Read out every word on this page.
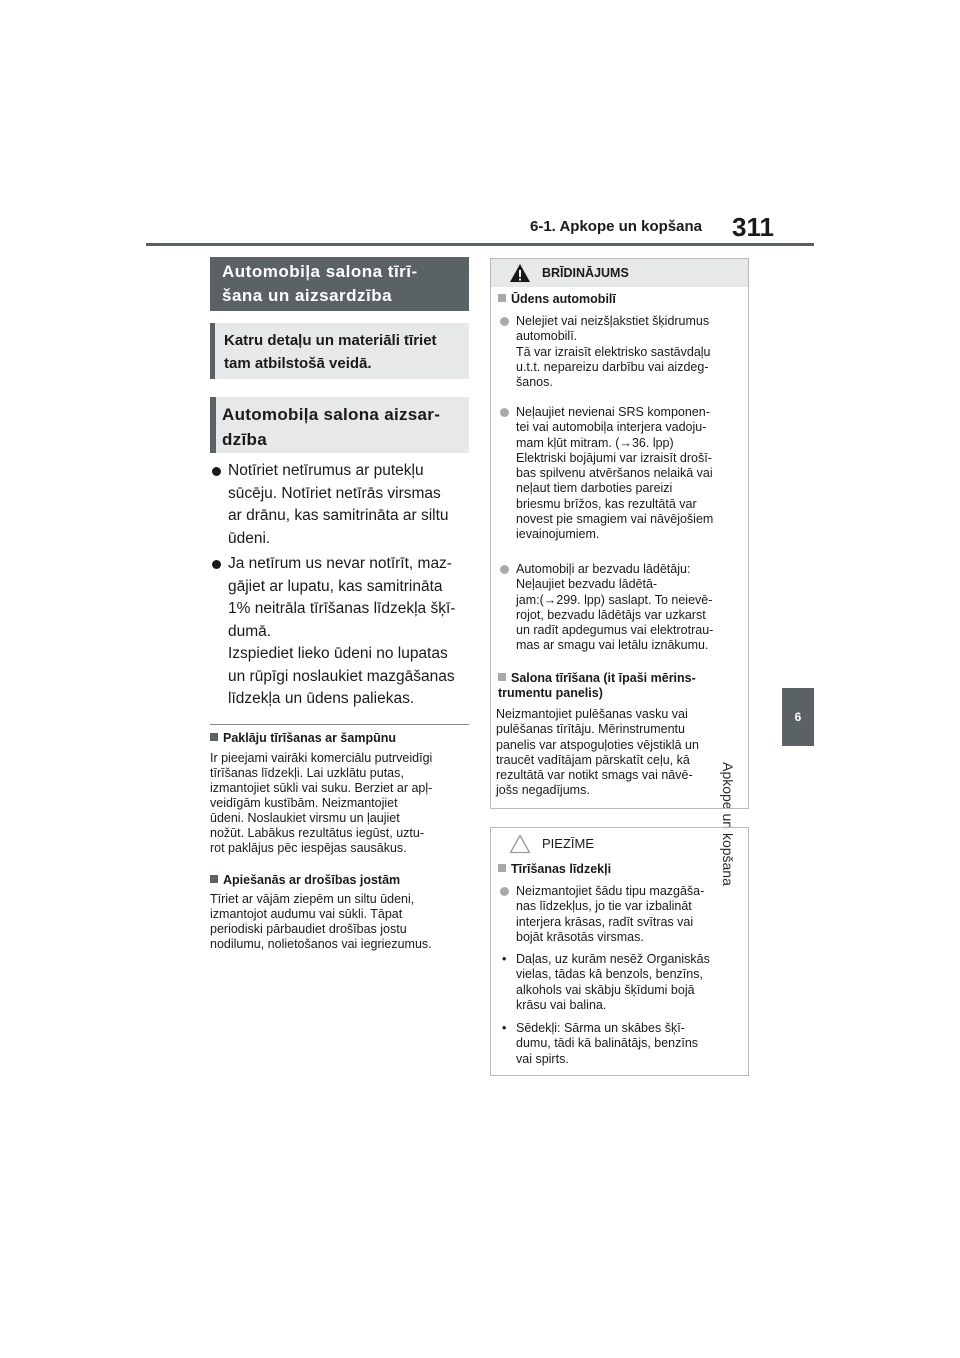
6-1. Apkope un kopšana 311
6
Apkope un kopšana
Automobiļa salona tīrī-
šana un aizsardzība
Katru detaļu un materiāli tīriet
tam atbilstošā veidā.
Automobiļa salona aizsar-
dzība
Notīriet netīrumus ar putekļu
sūcēju. Notīriet netīrās virsmas
ar drānu, kas samitrināta ar siltu
ūdeni.
Ja netīrum us nevar notīrīt, maz-
gājiet ar lupatu, kas samitrināta
1% neitrāla tīrīšanas līdzekļa šķī-
dumā.
Izspiediet lieko ūdeni no lupatas
un rūpīgi noslaukiet mazgāšanas
līdzekļa un ūdens paliekas.
Paklāju tīrīšanas ar šampūnu
Ir pieejami vairāki komerciālu putrveidīgi
tīrīšanas līdzekļi. Lai uzklātu putas,
izmantojiet sūkli vai suku. Berziet ar apļ-
veidīgām kustībām. Neizmantojiet
ūdeni. Noslaukiet virsmu un ļaujiet
nožūt. Labākus rezultātus iegūst, uztu-
rot paklājus pēc iespējas sausākus.
Apiešanās ar drošības jostām
Tīriet ar vājām ziepēm un siltu ūdeni,
izmantojot audumu vai sūkli. Tāpat
periodiski pārbaudiet drošības jostu
nodilumu, nolietošanos vai iegriezumus.
BRĪDINĀJUMS
Ūdens automobilī
Nelejiet vai neizšļakstiet šķidrumus
automobilī.
Tā var izraisīt elektrisko sastāvdaļu
u.t.t. nepareizu darbību vai aizdeg-
šanos.
Neļaujiet nevienai SRS komponen-
tei vai automobiļa interjera vadoju-
mam kļūt mitram. (→36. lpp)
Elektriski bojājumi var izraisīt drošī-
bas spilvenu atvēršanos nelaikā vai
neļaut tiem darboties pareizi
briesmu brīžos, kas rezultātā var
novest pie smagiem vai nāvējošiem
ievainojumiem.
Automobiļi ar bezvadu lādētāju:
Neļaujiet bezvadu lādētā-
jam:(→299. lpp) saslapt. To neievē-
rojot, bezvadu lādētājs var uzkarst
un radīt apdegumus vai elektrotrau-
mas ar smagu vai letālu iznākumu.
Salona tīrīšana (it īpaši mērins-
trumentu panelis)
Neizmantojiet pulēšanas vasku vai
pulēšanas tīrītāju. Mērinstrumentu
panelis var atspoguļoties vējstiklā un
traucēt vadītājam pārskatīt ceļu, kā
rezultātā var notikt smags vai nāvē-
jošs negadījums.
PIEZĪME
Tīrīšanas līdzekļi
Neizmantojiet šādu tipu mazgāša-
nas līdzekļus, jo tie var izbalināt
interjera krāsas, radīt svītras vai
bojāt krāsotās virsmas.
• Daļas, uz kurām nesēž Organiskās
vielas, tādas kā benzols, benzīns,
alkohols vai skābju šķīdumi bojā
krāsu vai balina.
• Sēdekļi: Sārma un skābes šķī-
dumu, tādi kā balinātājs, benzīns
vai spirts.
